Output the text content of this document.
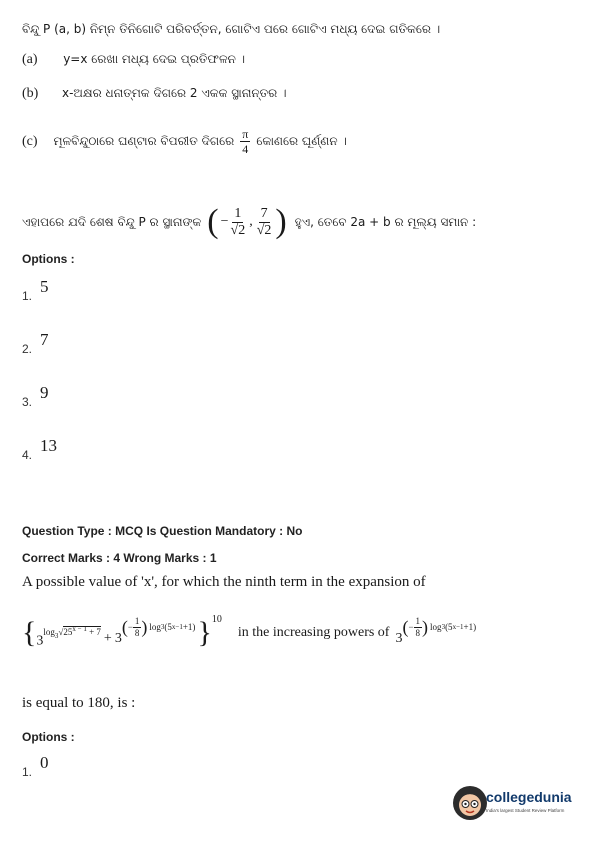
ବିନ୍ଦୁ P (a, b) ନିମ୍ନ ତିନିଗୋଟି ପରିବର୍ତ୍ତନ, ଗୋଟିଏ ପରେ ଗୋଟିଏ ମଧ୍ୟ ଦେଇ ଗତିକରେ ।
(a) y=x ରେଖା ମଧ୍ୟ ଦେଇ ପ୍ରତିଫଳନ ।
(b) x-ଅକ୍ଷର ଧନାତ୍ମକ ଦିଗରେ 2 ଏକକ ସ୍ଥାନାନ୍ତର ।
(c) ମୂଳବିନ୍ଦୁଠାରେ ଘଣ୍ଟାର ବିପରୀତ ଦିଗରେ $\frac{\pi}{4}$ କୋଣରେ ଘୂର୍ଣ୍ଣନ ।
ଏହାପରେ ଯଦି ଶେଷ ବିନ୍ଦୁ P ର ସ୍ଥାନାଙ୍କ ( − $\frac{1}{√2}$ , $\frac{7}{√2}$ ) ହୁଏ, ତେବେ 2a + b ର ମୂଲ୍ୟ ସମାନ :
Options :
$_{1.}$ 5
$_{2.}$ 7
$_{3.}$ 9
$_{4.}$ 13
Question Type : MCQ Is Question Mandatory : No
Correct Marks : 4 Wrong Marks : 1
A possible value of 'x', for which the ninth term in the expansion of
{ $3^{log_3√25^{x - 1} + 7} + 3$
( − $\frac{1}{8}$ ) log 3 (5 x−1 +1) }$^{10}$
in the increasing powers of 3
( − $\frac{1}{8}$ ) log 3 (5 x−1 +1)
is equal to 180, is :
Options :
$_{1.}$ 0
collegedunia
India's largest Student Review Platform
